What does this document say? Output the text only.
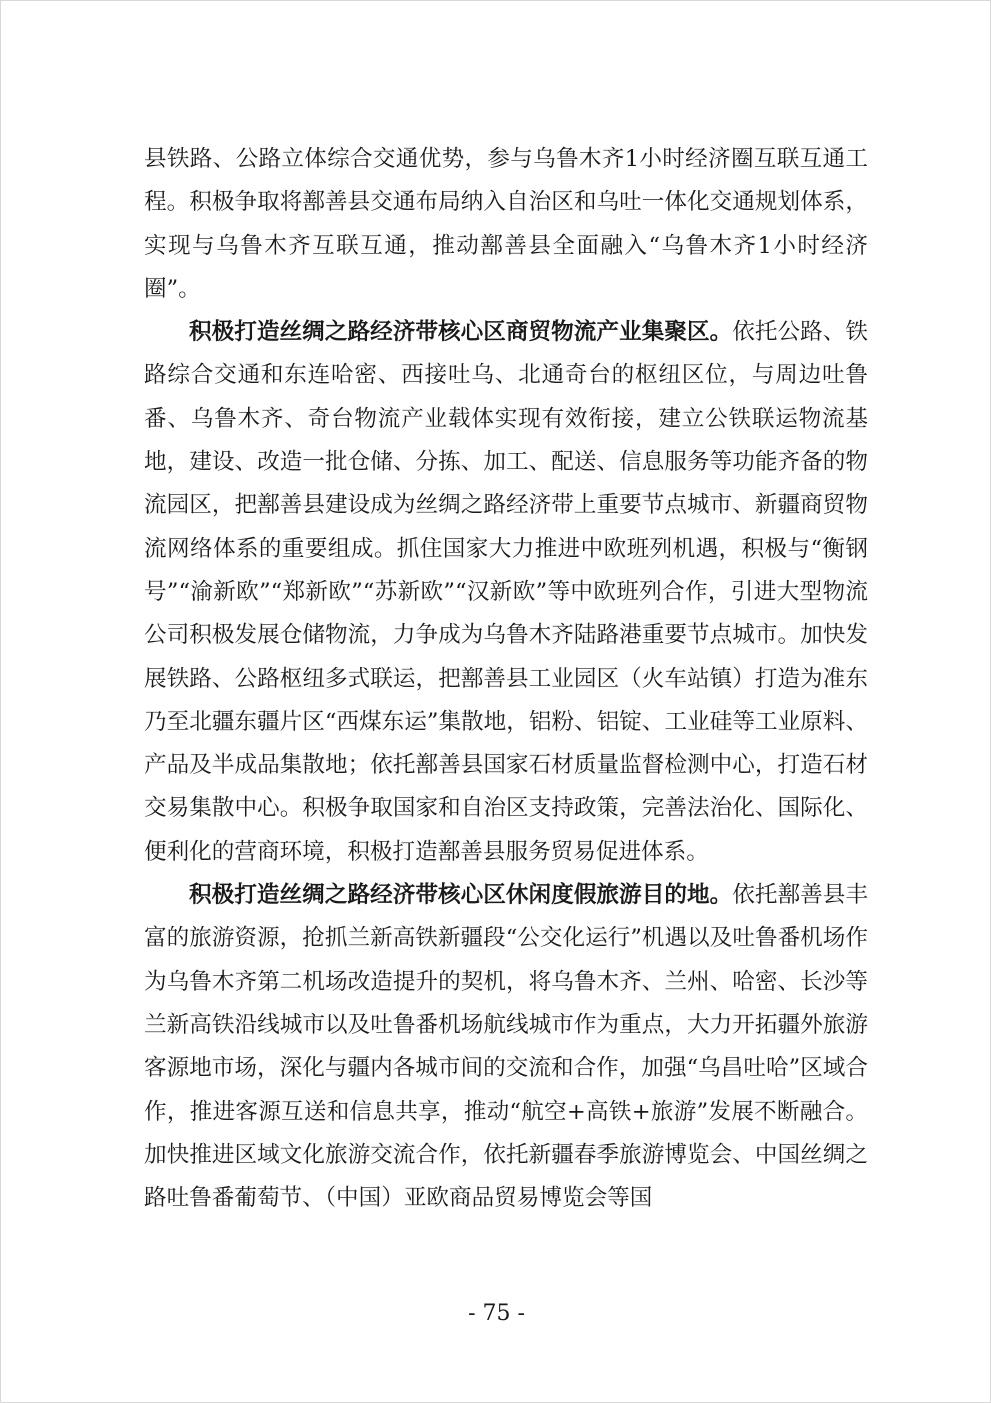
县铁路、公路立体综合交通优势，参与乌鲁木齐1小时经济圈互联互通工程。积极争取将鄯善县交通布局纳入自治区和乌吐一体化交通规划体系，实现与乌鲁木齐互联互通，推动鄯善县全面融入“乌鲁木齐1小时经济圈”。

积极打造丝绸之路经济带核心区商贸物流产业集聚区。依托公路、铁路综合交通和东连哈密、西接吐乌、北通奇台的枢纽区位，与周边吐鲁番、乌鲁木齐、奇台物流产业载体实现有效衔接，建立公铁联运物流基地，建设、改造一批仓储、分拣、加工、配送、信息服务等功能齐备的物流园区，把鄯善县建设成为丝绸之路经济带上重要节点城市、新疆商贸物流网络体系的重要组成。抓住国家大力推进中欧班列机遇，积极与“衡钢号”“渝新欧”“郑新欧”“苏新欧”“汉新欧”等中欧班列合作，引进大型物流公司积极发展仓储物流，力争成为乌鲁木齐陆路港重要节点城市。加快发展铁路、公路枢纽多式联运，把鄯善县工业园区（火车站镇）打造为准东乃至北疆东疆片区“西煤东运”集散地，铝粉、铝锭、工业硅等工业原料、产品及半成品集散地；依托鄯善县国家石材质量监督检测中心，打造石材交易集散中心。积极争取国家和自治区支持政策，完善法治化、国际化、便利化的营商环境，积极打造鄯善县服务贸易促进体系。

积极打造丝绸之路经济带核心区休闲度假旅游目的地。依托鄯善县丰富的旅游资源，抢抓兰新高铁新疆段“公交化运行”机遇以及吐鲁番机场作为乌鲁木齐第二机场改造提升的契机，将乌鲁木齐、兰州、哈密、长沙等兰新高铁沿线城市以及吐鲁番机场航线城市作为重点，大力开拓疆外旅游客源地市场，深化与疆内各城市间的交流和合作，加强“乌昌吐哈”区域合作，推进客源互送和信息共享，推动“航空+高铁+旅游”发展不断融合。加快推进区域文化旅游交流合作，依托新疆春季旅游博览会、中国丝绸之路吐鲁番葡萄节、（中国）亚欧商品贸易博览会等国

- 75 -
